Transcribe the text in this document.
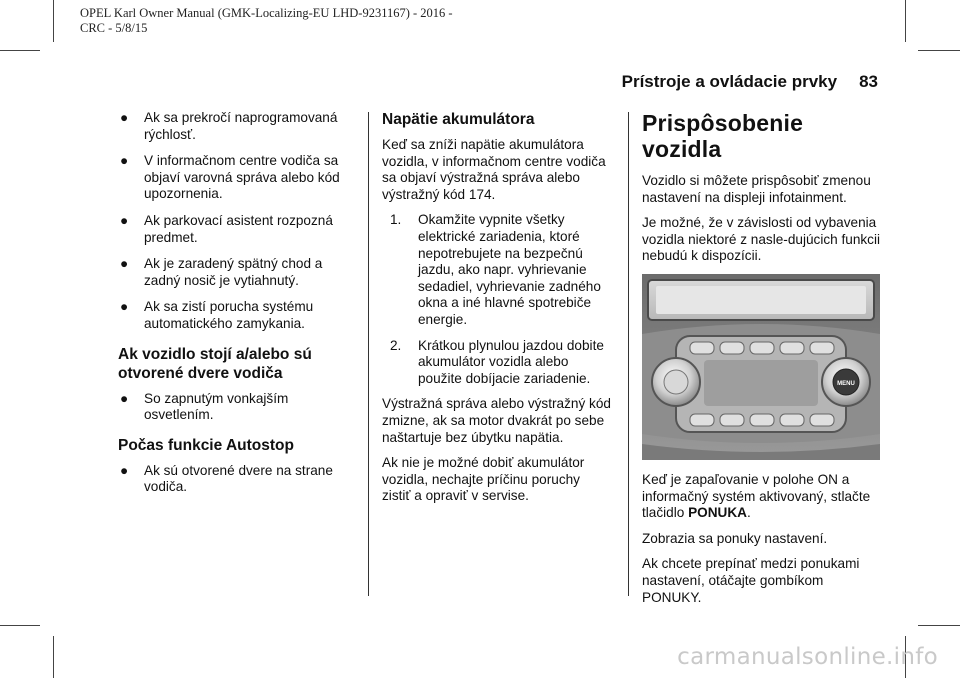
OPEL Karl Owner Manual (GMK-Localizing-EU LHD-9231167) - 2016 -
CRC - 5/8/15
Prístroje a ovládacie prvky 83
● Ak sa prekročí naprogramovaná rýchlosť.
● V informačnom centre vodiča sa objaví varovná správa alebo kód upozornenia.
● Ak parkovací asistent rozpozná predmet.
● Ak je zaradený spätný chod a zadný nosič je vytiahnutý.
● Ak sa zistí porucha systému automatického zamykania.
Ak vozidlo stojí a/alebo sú otvorené dvere vodiča
● So zapnutým vonkajším osvetlením.
Počas funkcie Autostop
● Ak sú otvorené dvere na strane vodiča.
Napätie akumulátora
Keď sa zníži napätie akumulátora vozidla, v informačnom centre vodiča sa objaví výstražná správa alebo výstražný kód 174.
1. Okamžite vypnite všetky elektrické zariadenia, ktoré nepotrebujete na bezpečnú jazdu, ako napr. vyhrievanie sedadiel, vyhrievanie zadného okna a iné hlavné spotrebiče energie.
2. Krátkou plynulou jazdou dobite akumulátor vozidla alebo použite dobíjacie zariadenie.
Výstražná správa alebo výstražný kód zmizne, ak sa motor dvakrát po sebe naštartuje bez úbytku napätia.
Ak nie je možné dobiť akumulátor vozidla, nechajte príčinu poruchy zistiť a opraviť v servise.
Prispôsobenie vozidla
Vozidlo si môžete prispôsobiť zmenou nastavení na displeji infotainment.
Je možné, že v závislosti od vybavenia vozidla niektoré z nasle-dujúcich funkcii nebudú k dispozícii.
MENU
Keď je zapaľovanie v polohe ON a informačný systém aktivovaný, stlačte tlačidlo PONUKA.
Zobrazia sa ponuky nastavení.
Ak chcete prepínať medzi ponukami nastavení, otáčajte gombíkom PONUKY.
carmanualsonline.info
